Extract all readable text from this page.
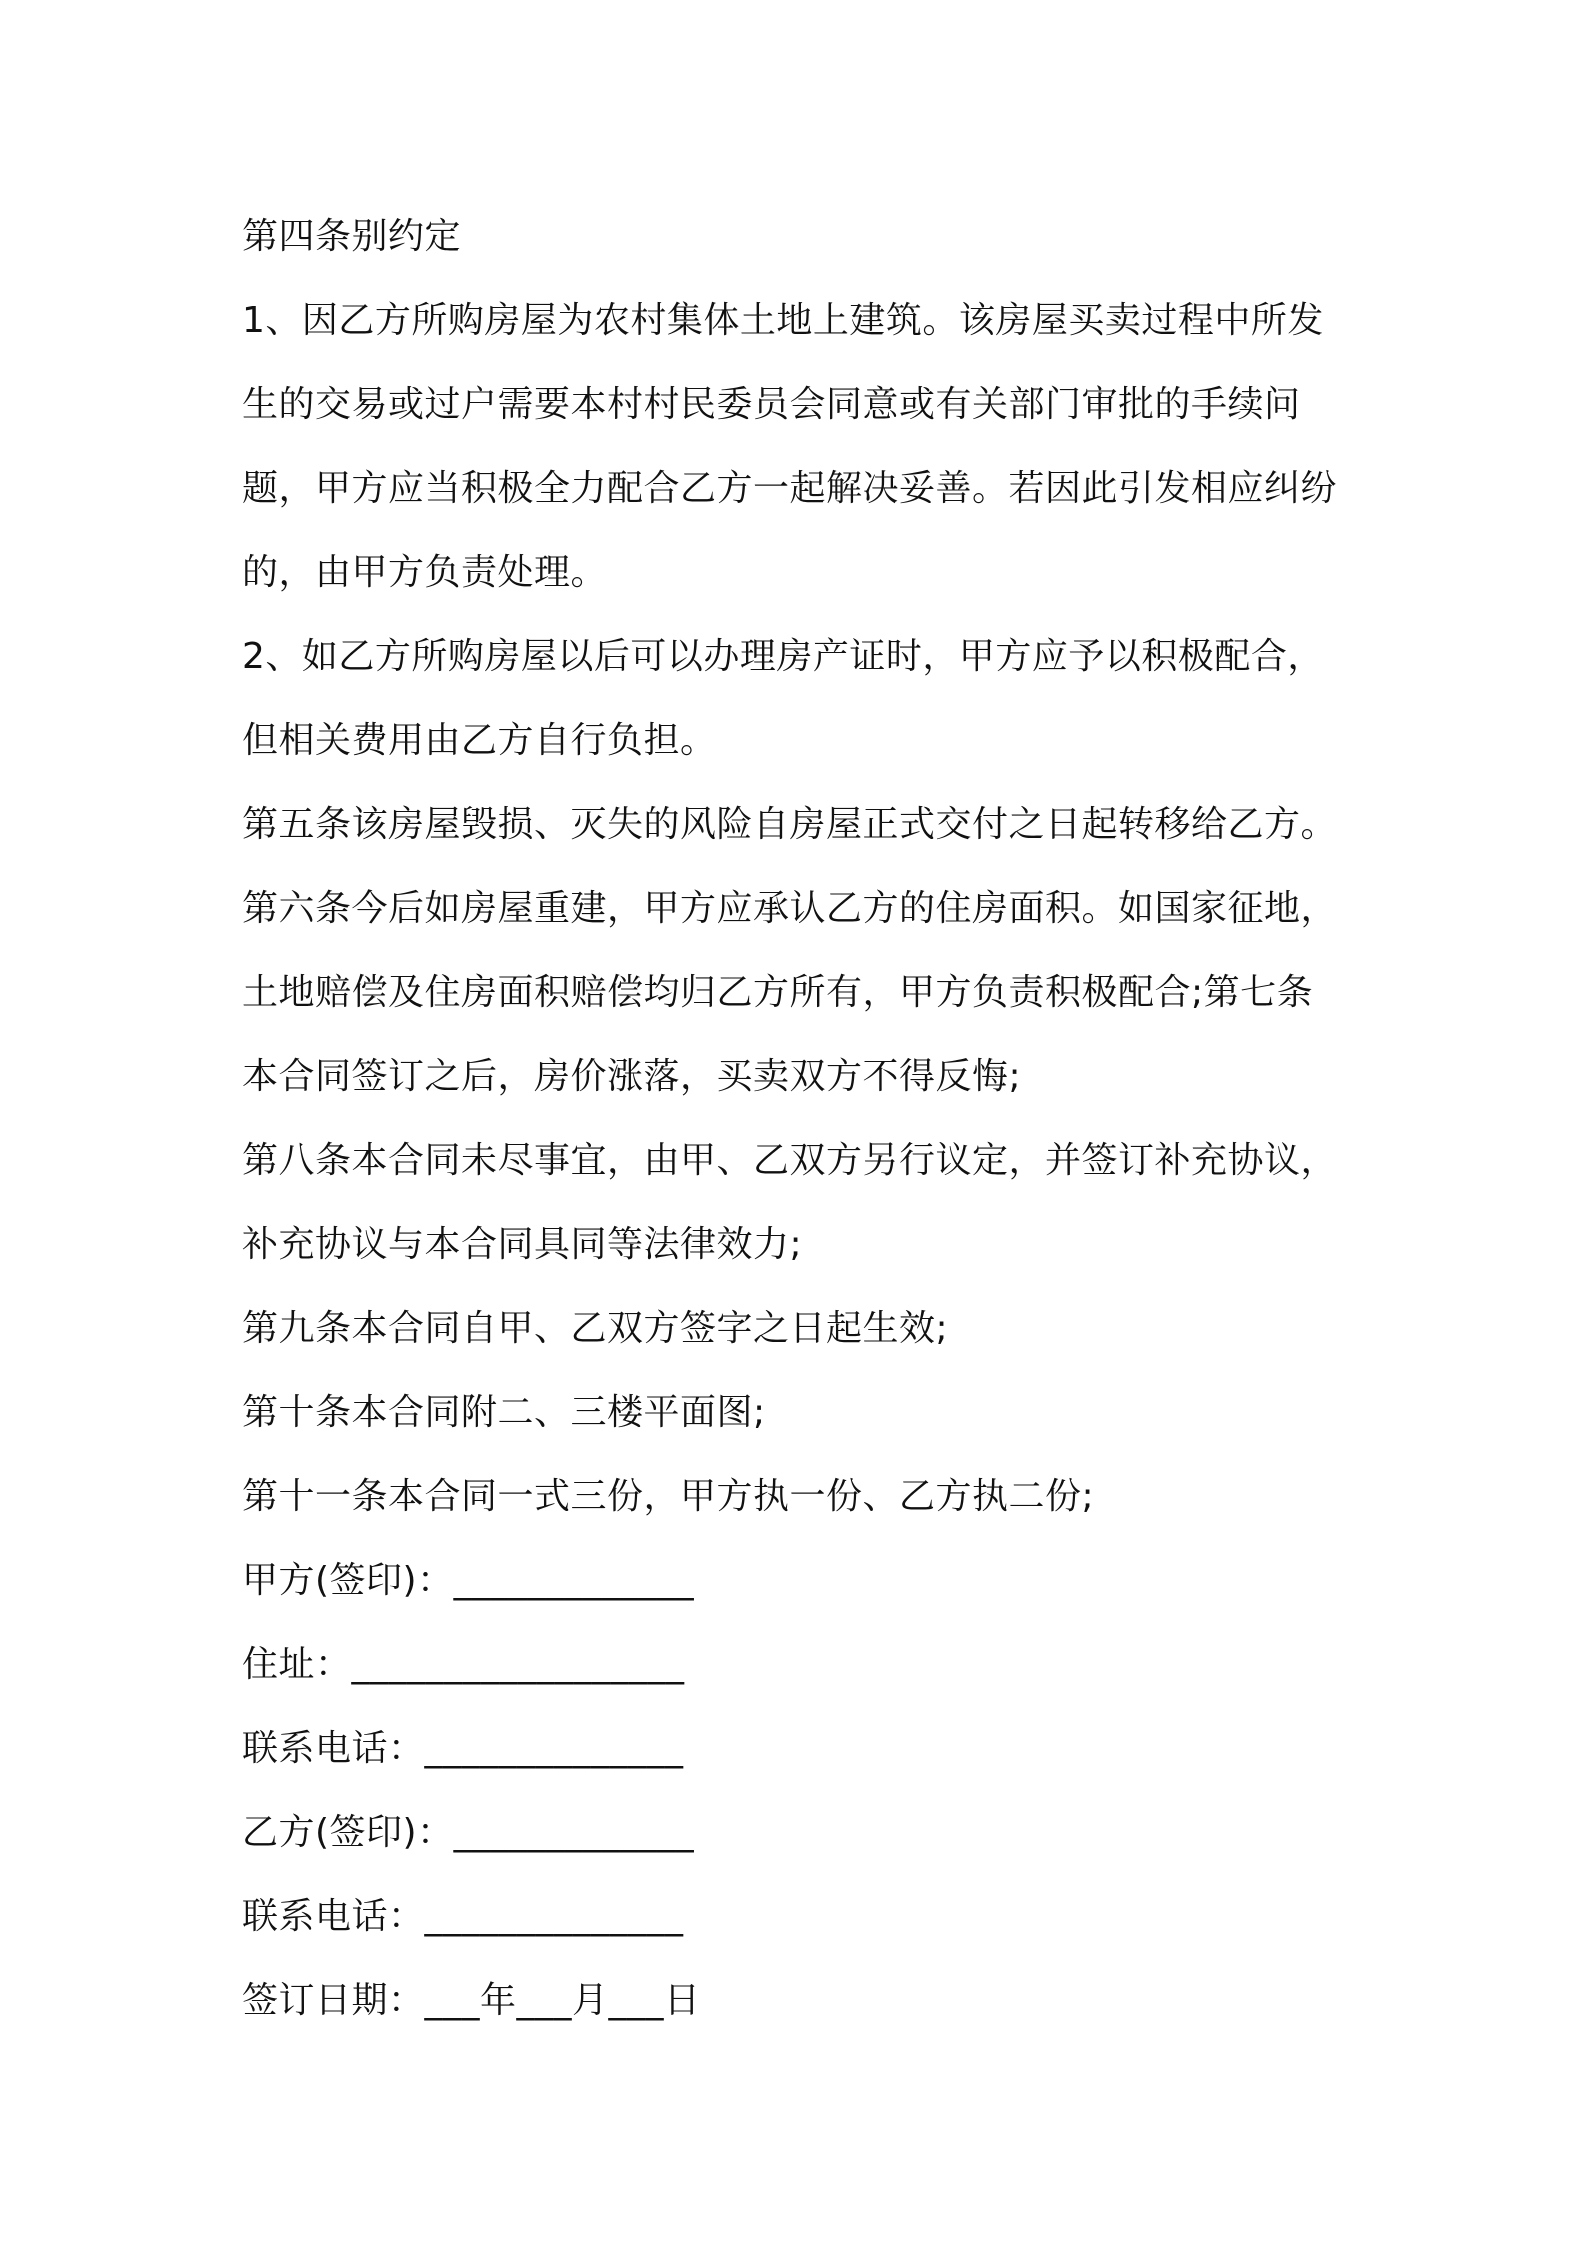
第四条别约定
1、因乙方所购房屋为农村集体土地上建筑。该房屋买卖过程中所发
生的交易或过户需要本村村民委员会同意或有关部门审批的手续问
题，甲方应当积极全力配合乙方一起解决妥善。若因此引发相应纠纷
的，由甲方负责处理。
2、如乙方所购房屋以后可以办理房产证时，甲方应予以积极配合，
但相关费用由乙方自行负担。
第五条该房屋毁损、灭失的风险自房屋正式交付之日起转移给乙方。
第六条今后如房屋重建，甲方应承认乙方的住房面积。如国家征地，
土地赔偿及住房面积赔偿均归乙方所有，甲方负责积极配合;第七条
本合同签订之后，房价涨落，买卖双方不得反悔;
第八条本合同未尽事宜，由甲、乙双方另行议定，并签订补充协议，
补充协议与本合同具同等法律效力;
第九条本合同自甲、乙双方签字之日起生效;
第十条本合同附二、三楼平面图;
第十一条本合同一式三份，甲方执一份、乙方执二份;
甲方(签印)：_____________
住址：__________________
联系电话：______________
乙方(签印)：_____________
联系电话：______________
签订日期：___年___月___日
